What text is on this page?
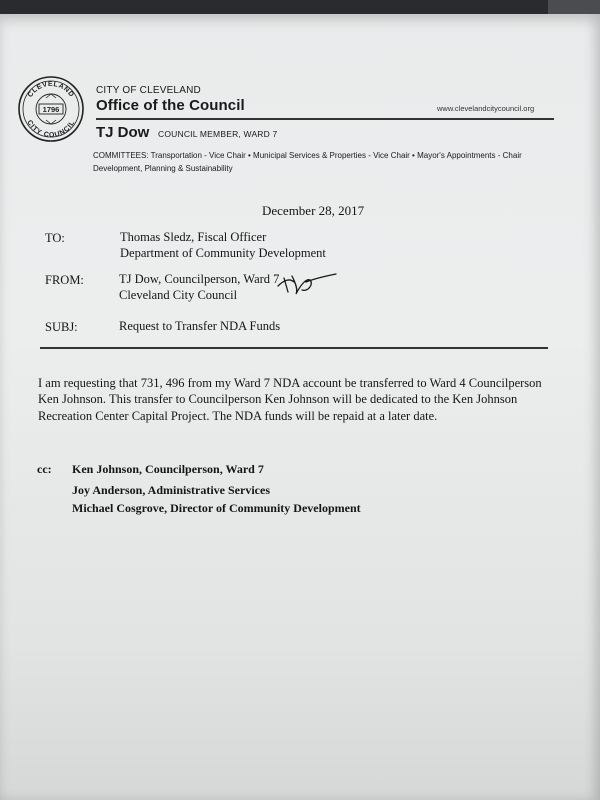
CLEVELAND
CITY COUNCIL
1796
CITY OF CLEVELAND
Office of the Council	www.clevelandcitycouncil.org
TJ Dow COUNCIL MEMBER, WARD 7
COMMITTEES: Transportation - Vice Chair • Municipal Services & Properties - Vice Chair • Mayor's Appointments - Chair
Development, Planning & Sustainability
December 28, 2017
TO:	Thomas Sledz, Fiscal Officer
Department of Community Development
FROM:	TJ Dow, Councilperson, Ward 7
Cleveland City Council
SUBJ:	Request to Transfer NDA Funds
I am requesting that 731, 496 from my Ward 7 NDA account be transferred to Ward 4 Councilperson
Ken Johnson. This transfer to Councilperson Ken Johnson will be dedicated to the Ken Johnson
Recreation Center Capital Project. The NDA funds will be repaid at a later date.
cc: Ken Johnson, Councilperson, Ward 7
Joy Anderson, Administrative Services
Michael Cosgrove, Director of Community Development
